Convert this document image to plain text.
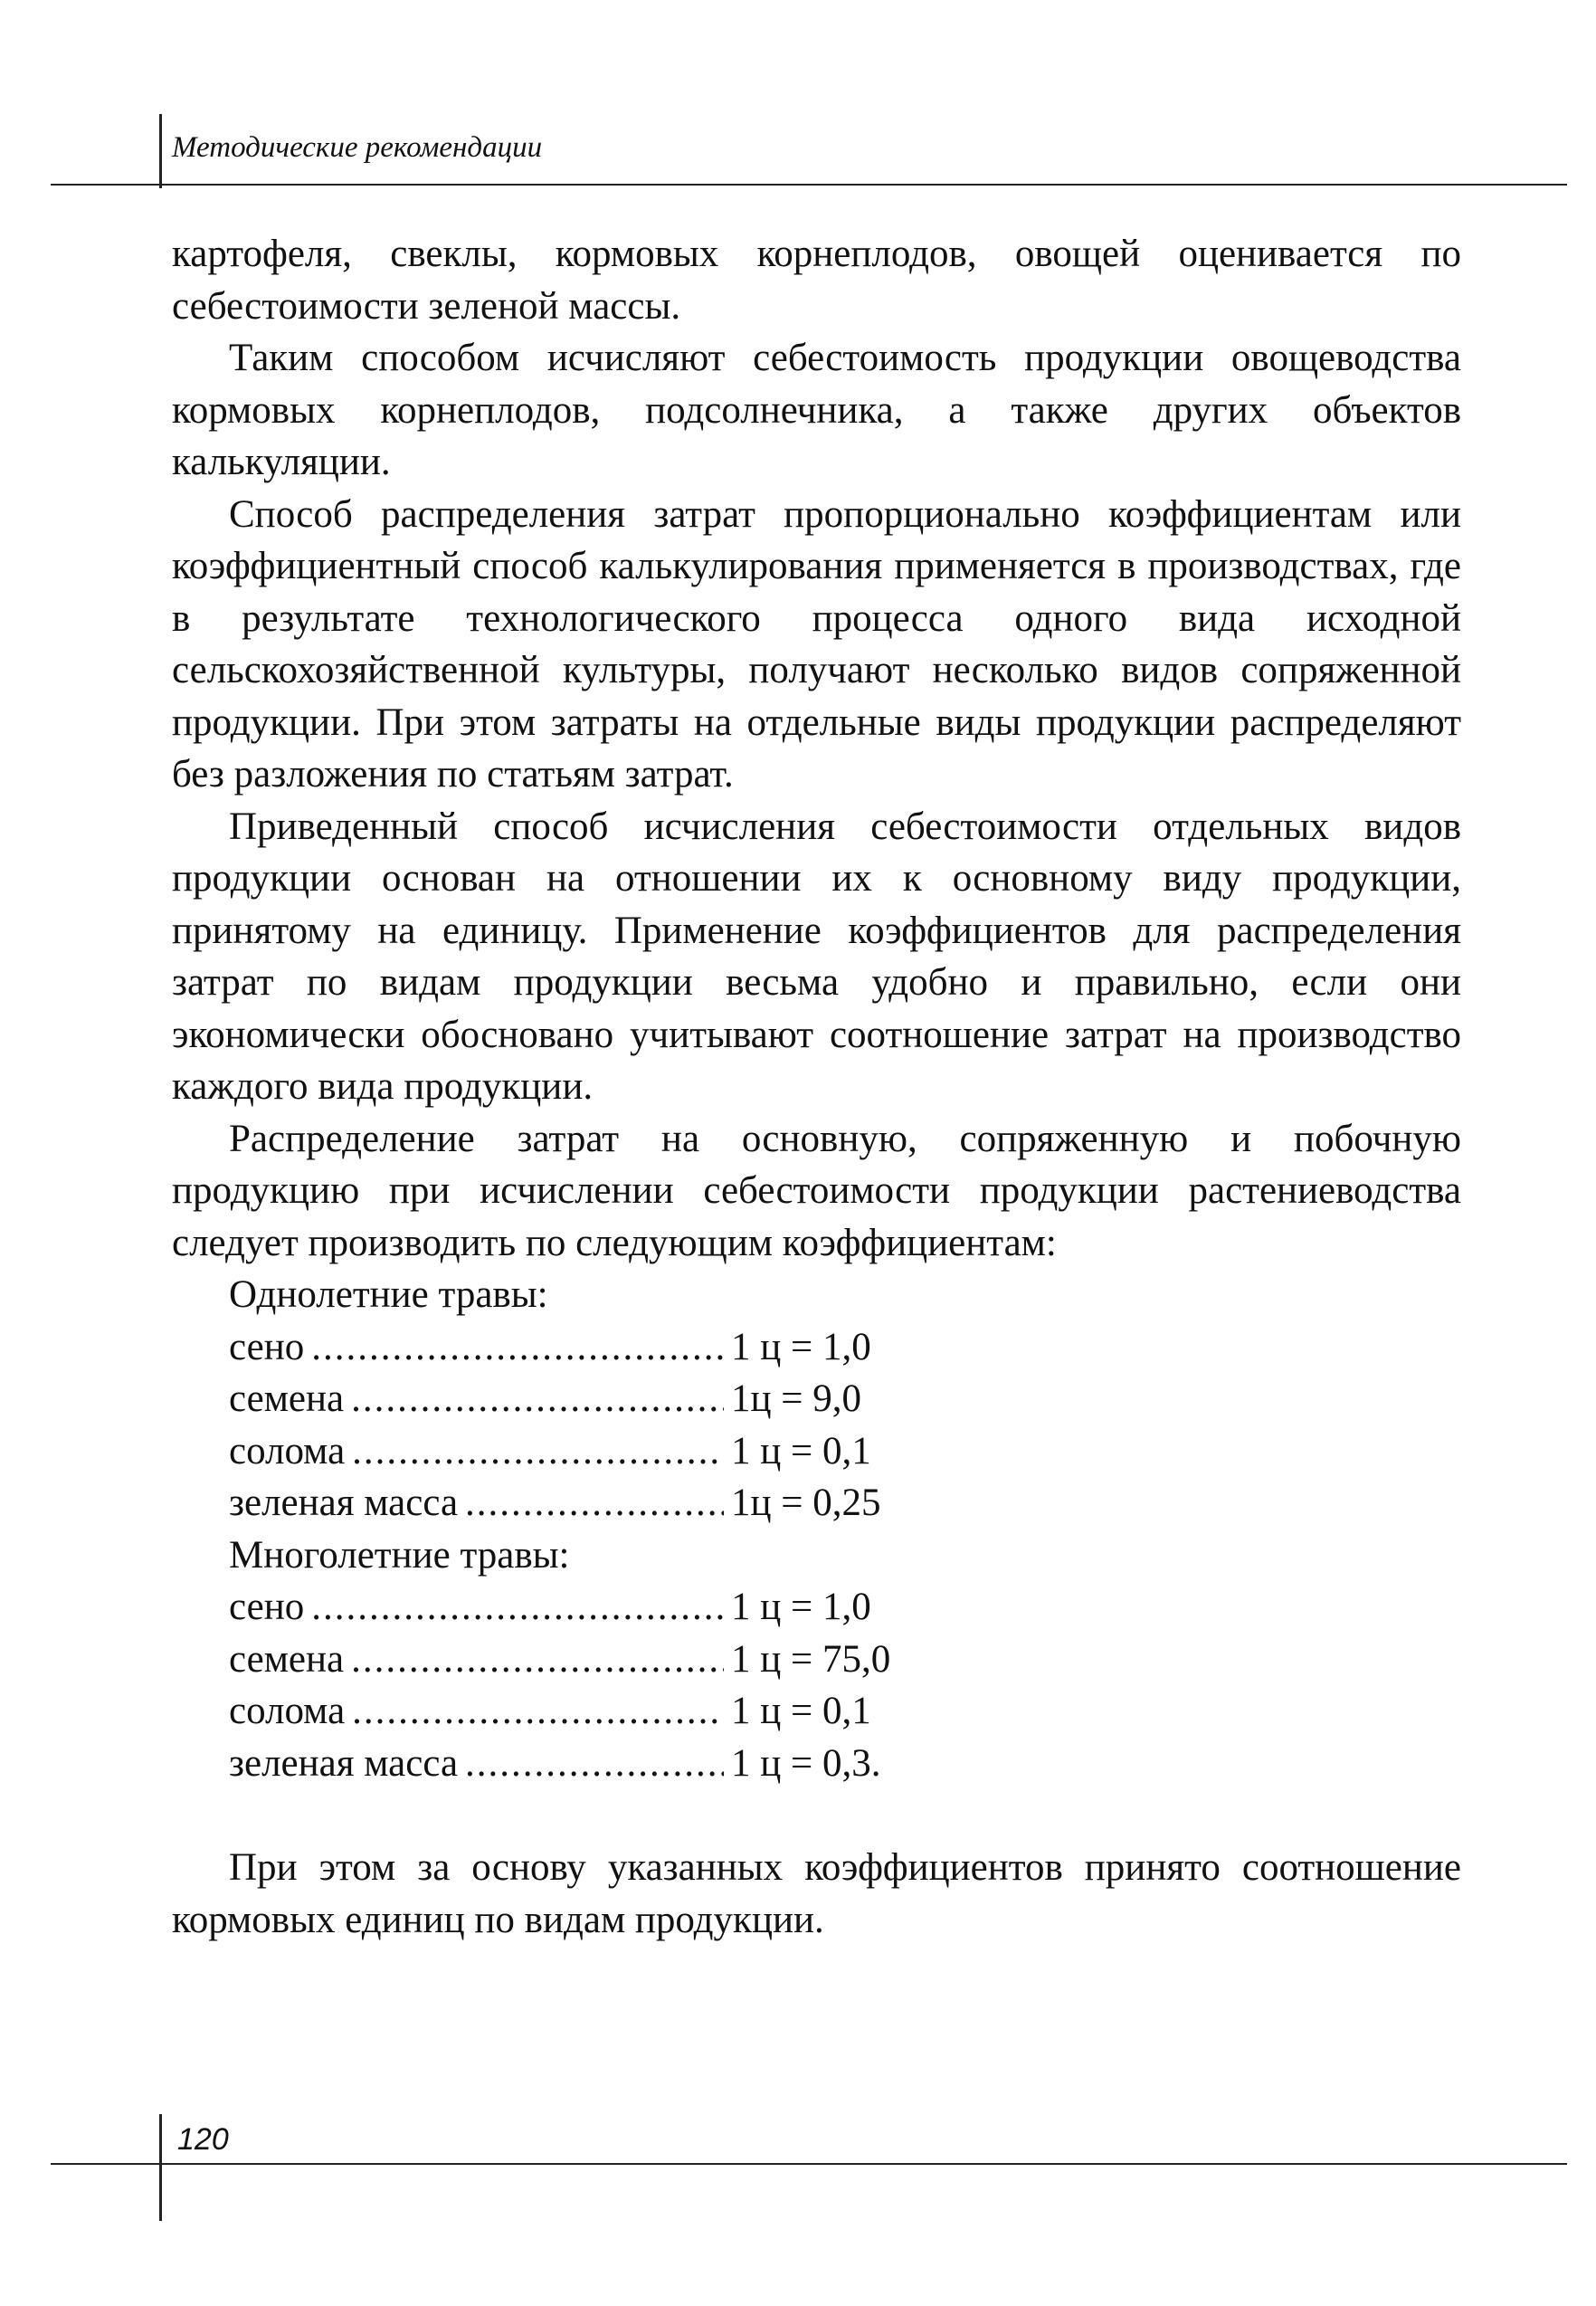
Методические рекомендации

картофеля, свеклы, кормовых корнеплодов, овощей оценивается по себестоимости зеленой массы.

Таким способом исчисляют себестоимость продукции овощеводства кормовых корнеплодов, подсолнечника, а также других объектов калькуляции.

Способ распределения затрат пропорционально коэффициентам или коэффициентный способ калькулирования применяется в производствах, где в результате технологического процесса одного вида исходной сельскохозяйственной культуры, получают несколько видов сопряженной продукции. При этом затраты на отдельные виды продукции распределяют без разложения по статьям затрат.

Приведенный способ исчисления себестоимости отдельных видов продукции основан на отношении их к основному виду продукции, принятому на единицу. Применение коэффициентов для распределения затрат по видам продукции весьма удобно и правильно, если они экономически обосновано учитывают соотношение затрат на производство каждого вида продукции.

Распределение затрат на основную, сопряженную и побочную продукцию при исчислении себестоимости продукции растениеводства следует производить по следующим коэффициентам:

Однолетние травы:
сено .....	1 ц = 1,0
семена .....	1ц = 9,0
солома .....	1 ц = 0,1
зеленая масса .....	1ц = 0,25
Многолетние травы:
сено .....	1 ц = 1,0
семена .....	1 ц = 75,0
солома .....	1 ц = 0,1
зеленая масса .....	1 ц = 0,3.

При этом за основу указанных коэффициентов принято соотношение кормовых единиц по видам продукции.

120
